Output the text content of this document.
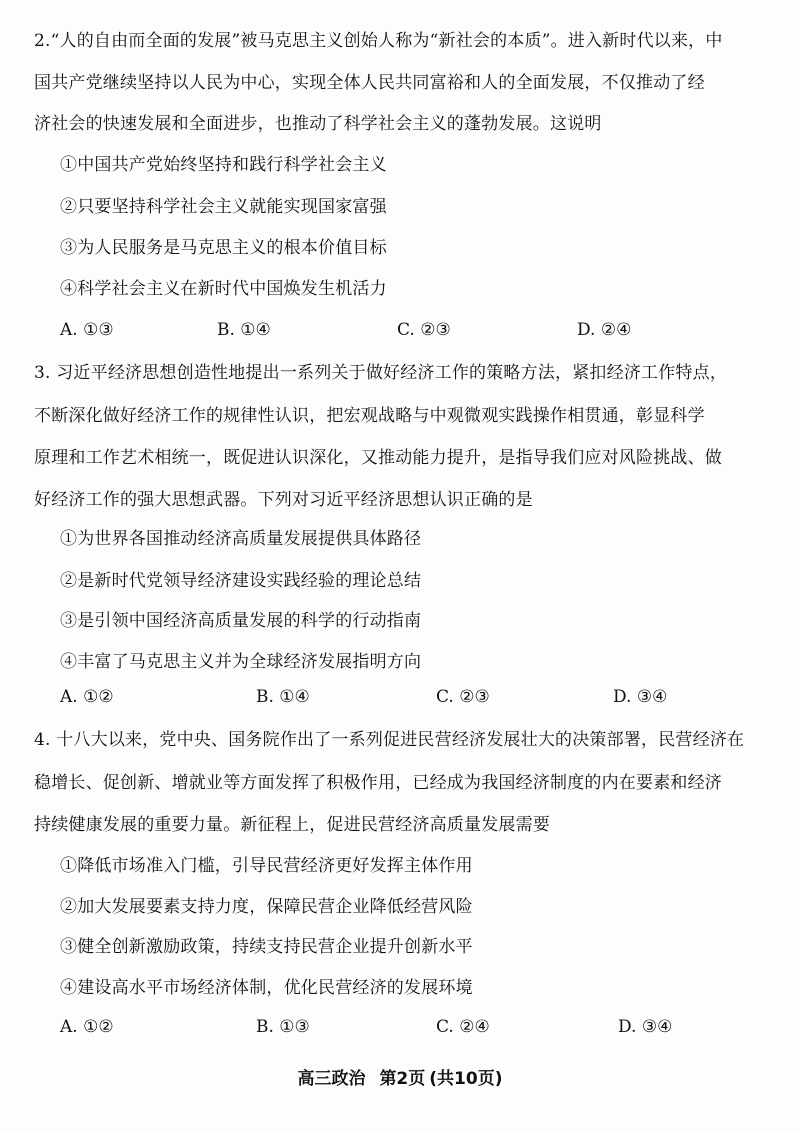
2.“人的自由而全面的发展”被马克思主义创始人称为“新社会的本质”。进入新时代以来，中
国共产党继续坚持以人民为中心，实现全体人民共同富裕和人的全面发展，不仅推动了经
济社会的快速发展和全面进步，也推动了科学社会主义的蓬勃发展。这说明
①中国共产党始终坚持和践行科学社会主义
②只要坚持科学社会主义就能实现国家富强
③为人民服务是马克思主义的根本价值目标
④科学社会主义在新时代中国焕发生机活力
A. ①③	B. ①④	C. ②③	D. ②④
3. 习近平经济思想创造性地提出一系列关于做好经济工作的策略方法，紧扣经济工作特点，
不断深化做好经济工作的规律性认识，把宏观战略与中观微观实践操作相贯通，彰显科学
原理和工作艺术相统一，既促进认识深化，又推动能力提升，是指导我们应对风险挑战、做
好经济工作的强大思想武器。下列对习近平经济思想认识正确的是
①为世界各国推动经济高质量发展提供具体路径
②是新时代党领导经济建设实践经验的理论总结
③是引领中国经济高质量发展的科学的行动指南
④丰富了马克思主义并为全球经济发展指明方向
A. ①②	B. ①④	C. ②③	D. ③④
4. 十八大以来，党中央、国务院作出了一系列促进民营经济发展壮大的决策部署，民营经济在
稳增长、促创新、增就业等方面发挥了积极作用，已经成为我国经济制度的内在要素和经济
持续健康发展的重要力量。新征程上，促进民营经济高质量发展需要
①降低市场准入门槛，引导民营经济更好发挥主体作用
②加大发展要素支持力度，保障民营企业降低经营风险
③健全创新激励政策，持续支持民营企业提升创新水平
④建设高水平市场经济体制，优化民营经济的发展环境
A. ①②	B. ①③	C. ②④	D. ③④
高三政治 第2页 (共10页)
